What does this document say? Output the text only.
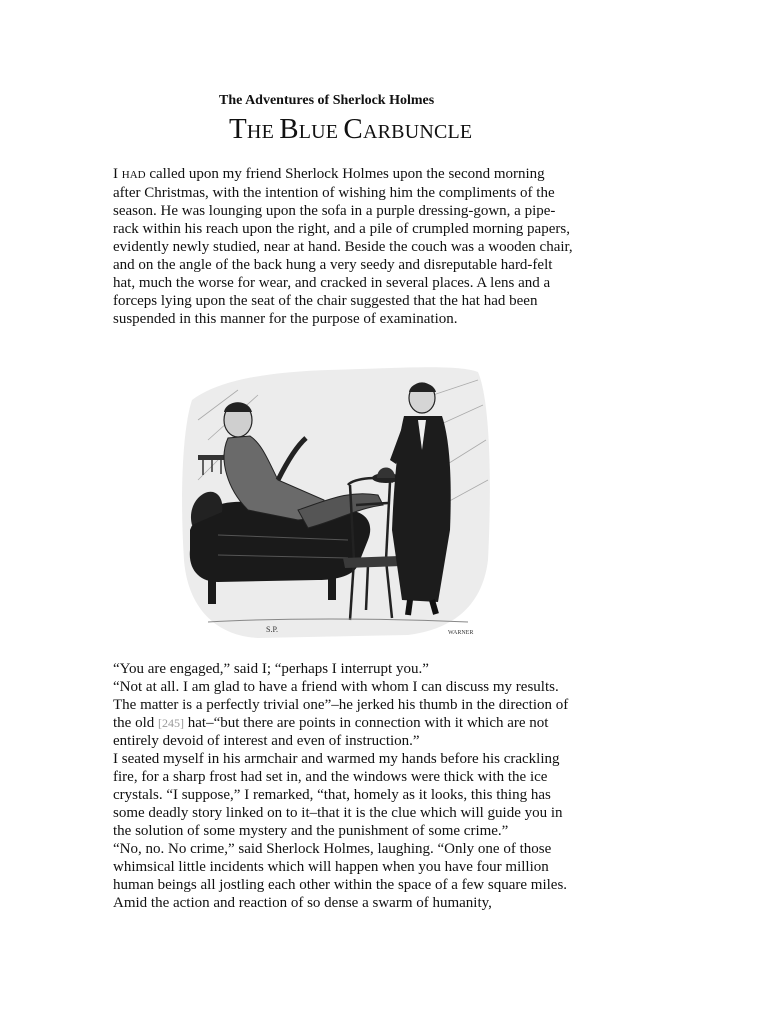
The Adventures of Sherlock Holmes
THE BLUE CARBUNCLE

I HAD called upon my friend Sherlock Holmes upon the second morning after Christmas, with the intention of wishing him the compliments of the season. He was lounging upon the sofa in a purple dressing-gown, a pipe-rack within his reach upon the right, and a pile of crumpled morning papers, evidently newly studied, near at hand. Beside the couch was a wooden chair, and on the angle of the back hung a very seedy and disreputable hard-felt hat, much the worse for wear, and cracked in several places. A lens and a forceps lying upon the seat of the chair suggested that the hat had been suspended in this manner for the purpose of examination.

S.P.	WARNER

“You are engaged,” said I; “perhaps I interrupt you.”

“Not at all. I am glad to have a friend with whom I can discuss my results. The matter is a perfectly trivial one”–he jerked his thumb in the direction of the old [245] hat–“but there are points in connection with it which are not entirely devoid of interest and even of instruction.”

I seated myself in his armchair and warmed my hands before his crackling fire, for a sharp frost had set in, and the windows were thick with the ice crystals. “I suppose,” I remarked, “that, homely as it looks, this thing has some deadly story linked on to it–that it is the clue which will guide you in the solution of some mystery and the punishment of some crime.”

“No, no. No crime,” said Sherlock Holmes, laughing. “Only one of those whimsical little incidents which will happen when you have four million human beings all jostling each other within the space of a few square miles. Amid the action and reaction of so dense a swarm of humanity,
